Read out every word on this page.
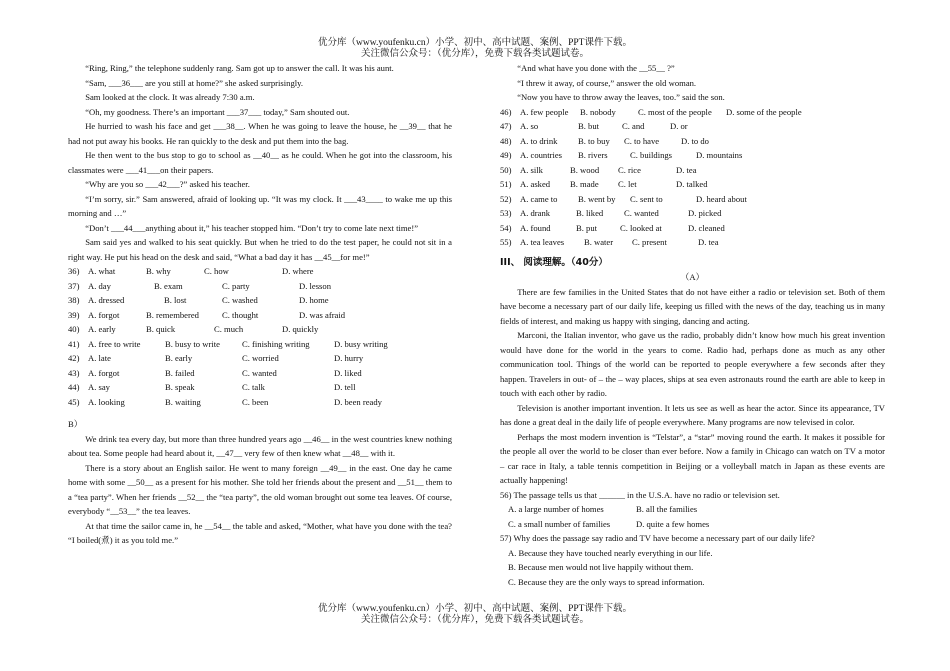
优分库（www.youfenku.cn）小学、初中、高中试题、案例、PPT课件下载。
关注微信公众号：（优分库），免费下载各类试题试卷。

“Ring, Ring,” the telephone suddenly rang. Sam got up to answer the call. It was his aunt.

“Sam, ___36___ are you still at home?” she asked surprisingly.

Sam looked at the clock. It was already 7:30 a.m.

“Oh, my goodness. There’s an important ___37___ today,” Sam shouted out.

He hurried to wash his face and get ___38__. When he was going to leave the house, he __39__ that he had not put away his books. He ran quickly to the desk and put them into the bag.

He then went to the bus stop to go to school as __40__ as he could. When he got into the classroom, his classmates were ___41___on their papers.

“Why are you so ___42___?” asked his teacher.

“I’m sorry, sir.” Sam answered, afraid of looking up. “It was my clock. It ___43____ to wake me up this morning and …”

“Don’t ___44___anything about it,” his teacher stopped him. “Don’t try to come late next time!”

Sam said yes and walked to his seat quickly. But when he tried to do the test paper, he could not sit in a right way. He put his head on the desk and said, “What a bad day it has __45__for me!”

36) A. what	B. why	C. how	D. where
37) A. day	B. exam	C. party	D. lesson
38) A. dressed	B. lost	C. washed	D. home
39) A. forgot	B. remembered	C. thought	D. was afraid
40) A. early	B. quick	C. much	D. quickly
41) A. free to write	B. busy to write	C. finishing writing	D. busy writing
42) A. late	B. early	C. worried	D. hurry
43) A. forgot	B. failed	C. wanted	D. liked
44) A. say	B. speak	C. talk	D. tell
45) A. looking	B. waiting	C. been	D. been ready

B）

We drink tea every day, but more than three hundred years ago __46__ in the west countries knew nothing about tea. Some people had heard about it, __47__ very few of then knew what __48__ with it.

There is a story about an English sailor. He went to many foreign __49__ in the east. One day he came home with some __50__ as a present for his mother. She told her friends about the present and __51__ them to a “tea party”. When her friends __52__ the “tea party”, the old woman brought out some tea leaves. Of course, everybody “__53__” the tea leaves.

At that time the sailor came in, he __54__ the table and asked, “Mother, what have you done with the tea? “I boiled(煮) it as you told me.”

“And what have you done with the __55__ ?”

“I threw it away, of course,” answer the old woman.

“Now you have to throw away the leaves, too.” said the son.

46) A. few people	B. nobody	C. most of the people	D. some of the people
47) A. so	B. but	C. and	D. or
48) A. to drink	B. to buy	C. to have	D. to do
49) A. countries	B. rivers	C. buildings	D. mountains
50) A. silk	B. wood	C. rice	D. tea
51) A. asked	B. made	C. let	D. talked
52) A. came to	B. went by	C. sent to	D. heard about
53) A. drank	B. liked	C. wanted	D. picked
54) A. found	B. put	C. looked at	D. cleaned
55) A. tea leaves	B. water	C. present	D. tea

III、 阅读理解。（40分）

（A）

There are few families in the United States that do not have either a radio or television set. Both of them have become a necessary part of our daily life, keeping us filled with the news of the day, teaching us in many fields of interest, and making us happy with singing, dancing and acting.

Marconi, the Italian inventor, who gave us the radio, probably didn’t know how much his great invention would have done for the world in the years to come. Radio had, perhaps done as much as any other communication tool. Things of the world can be reported to people everywhere a few seconds after they happen. Travelers in out- of – the – way places, ships at sea even astronauts round the earth are able to keep in touch with each other by radio.

Television is another important invention. It lets us see as well as hear the actor. Since its appearance, TV has done a great deal in the daily life of people everywhere. Many programs are now televised in color.

Perhaps the most modern invention is “Telstar”, a “star” moving round the earth. It makes it possible for the people all over the world to be closer than ever before. Now a family in Chicago can watch on TV a motor – car race in Italy, a table tennis competition in Beijing or a volleyball match in Japan as these events are actually happening!

56) The passage tells us that ______ in the U.S.A. have no radio or television set.

A. a large number of homes	B. all the families
C. a small number of families	D. quite a few homes

57) Why does the passage say radio and TV have become a necessary part of our daily life?

A. Because they have touched nearly everything in our life.

B. Because men would not live happily without them.

C. Because they are the only ways to spread information.

优分库（www.youfenku.cn）小学、初中、高中试题、案例、PPT课件下载。
关注微信公众号：（优分库），免费下载各类试题试卷。
